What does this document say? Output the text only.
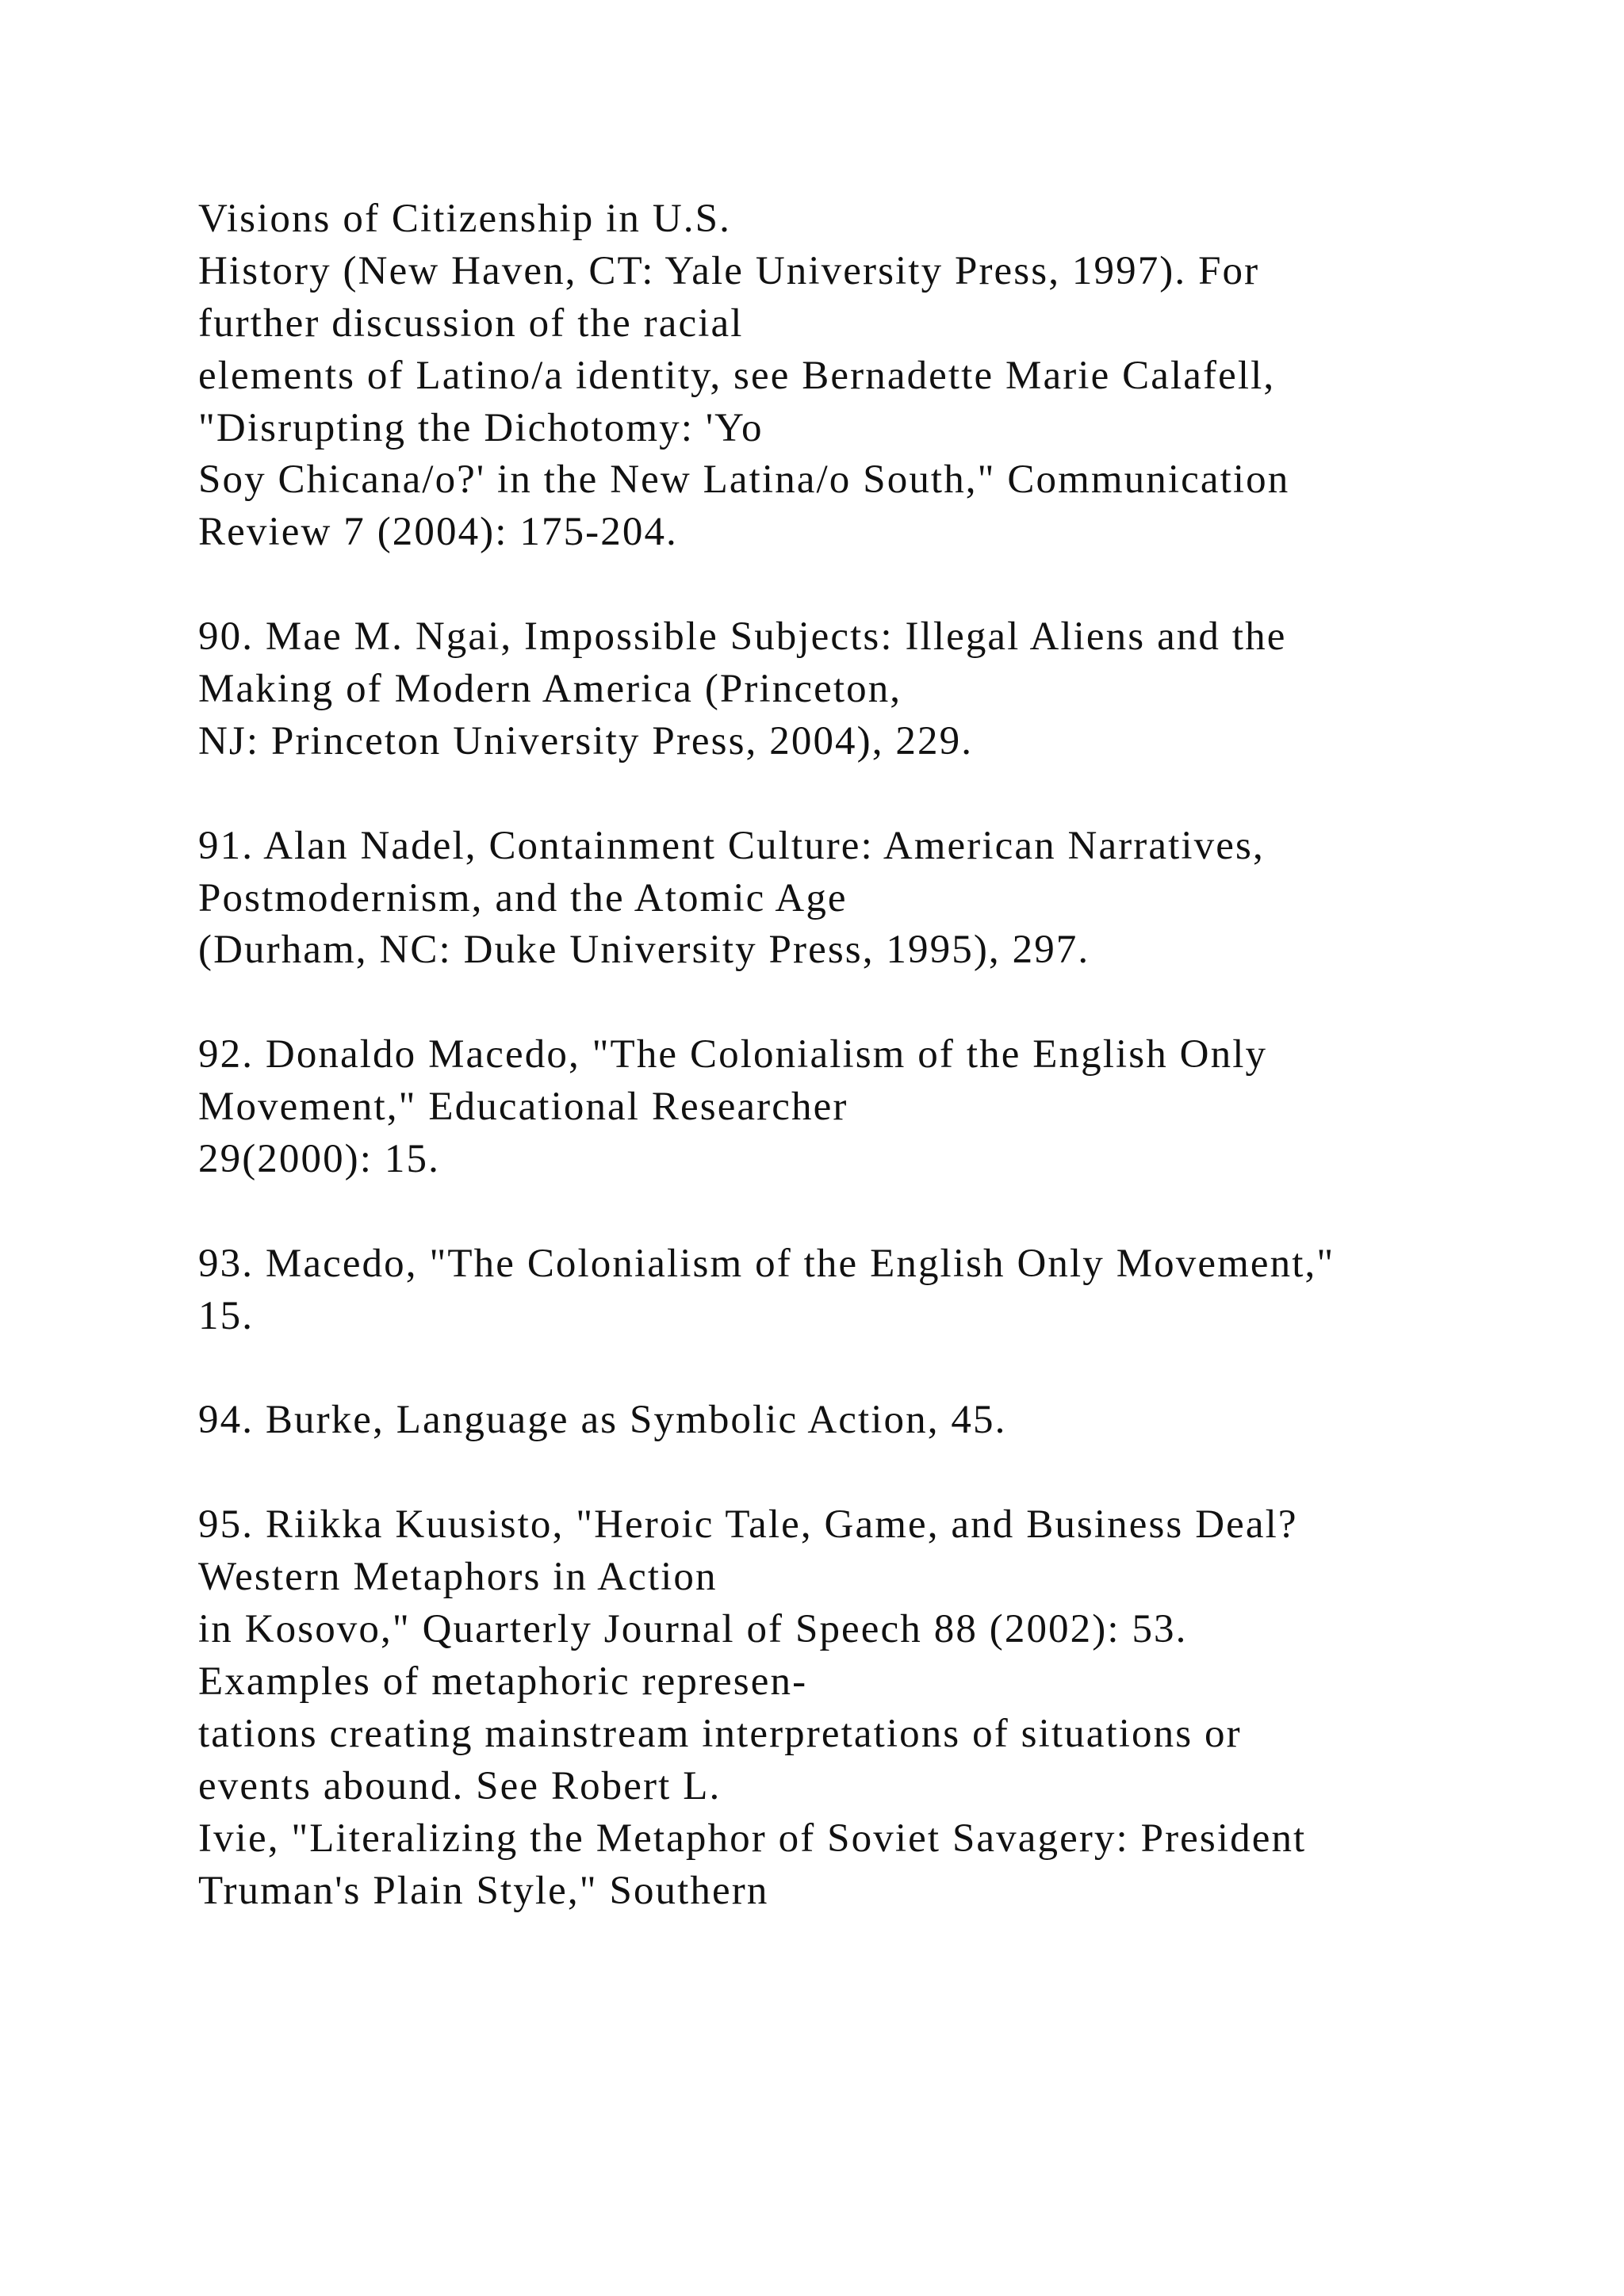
Visions of Citizenship in U.S.
History (New Haven, CT: Yale University Press, 1997). For
further discussion of the racial
elements of Latino/a identity, see Bernadette Marie Calafell,
"Disrupting the Dichotomy: 'Yo
Soy Chicana/o?' in the New Latina/o South," Communication
Review 7 (2004): 175-204.
90. Mae M. Ngai, Impossible Subjects: Illegal Aliens and the
Making of Modern America (Princeton,
NJ: Princeton University Press, 2004), 229.
91. Alan Nadel, Containment Culture: American Narratives,
Postmodernism, and the Atomic Age
(Durham, NC: Duke University Press, 1995), 297.
92. Donaldo Macedo, "The Colonialism of the English Only
Movement," Educational Researcher
29(2000): 15.
93. Macedo, "The Colonialism of the English Only Movement,"
15.
94. Burke, Language as Symbolic Action, 45.
95. Riikka Kuusisto, "Heroic Tale, Game, and Business Deal?
Western Metaphors in Action
in Kosovo," Quarterly Journal of Speech 88 (2002): 53.
Examples of metaphoric represen-
tations creating mainstream interpretations of situations or
events abound. See Robert L.
Ivie, "Literalizing the Metaphor of Soviet Savagery: President
Truman's Plain Style," Southern
